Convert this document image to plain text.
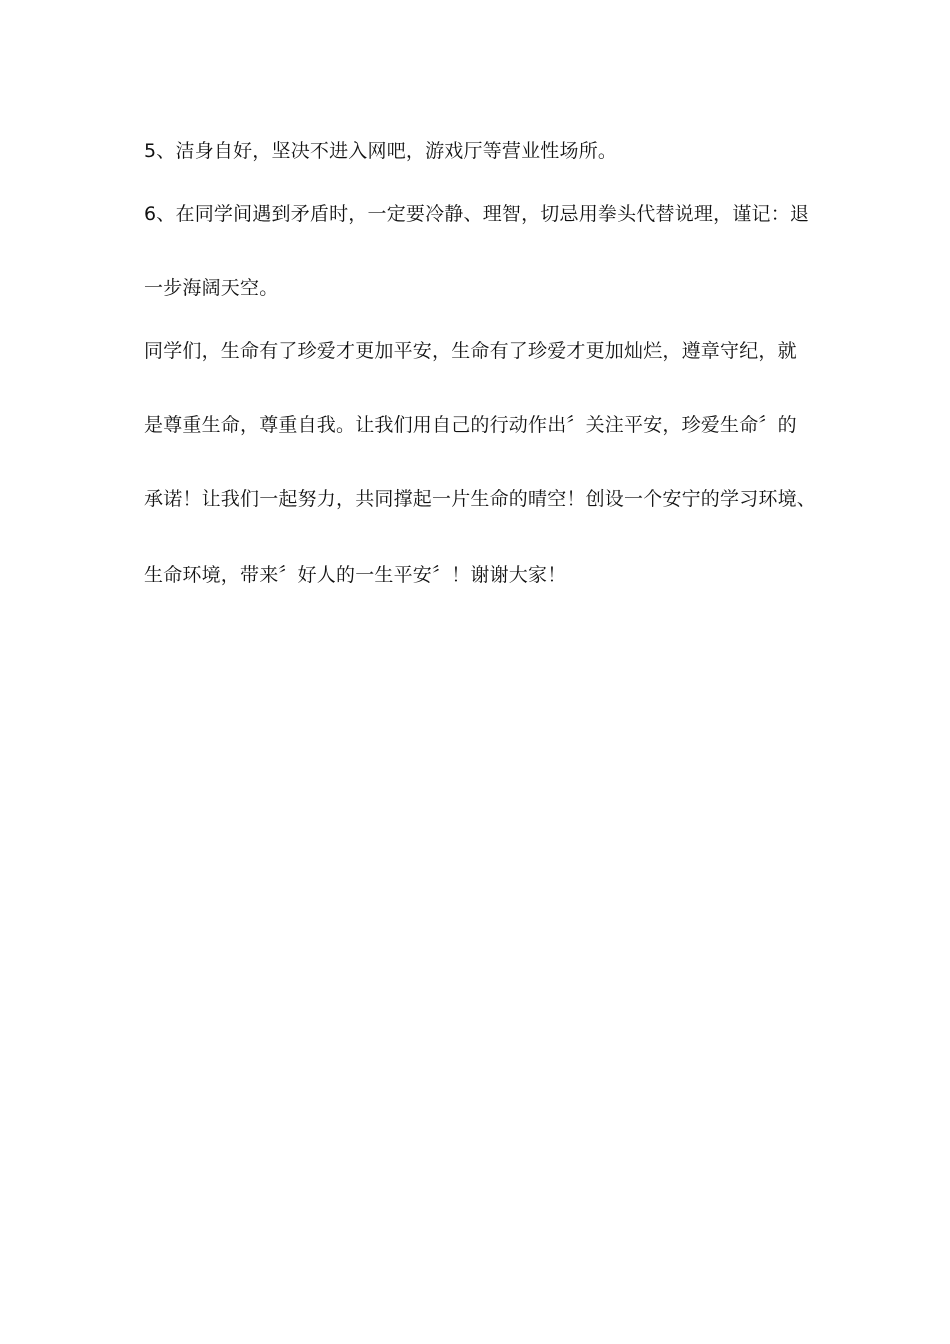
5、洁身自好，坚决不进入网吧，游戏厅等营业性场所。
6、在同学间遇到矛盾时，一定要冷静、理智，切忌用拳头代替说理，谨记：退
一步海阔天空。
同学们，生命有了珍爱才更加平安，生命有了珍爱才更加灿烂，遵章守纪，就
是尊重生命，尊重自我。让我们用自己的行动作出〞关注平安，珍爱生命〞的
承诺！让我们一起努力，共同撑起一片生命的晴空！创设一个安宁的学习环境、
生命环境，带来〞好人的一生平安〞！谢谢大家！
